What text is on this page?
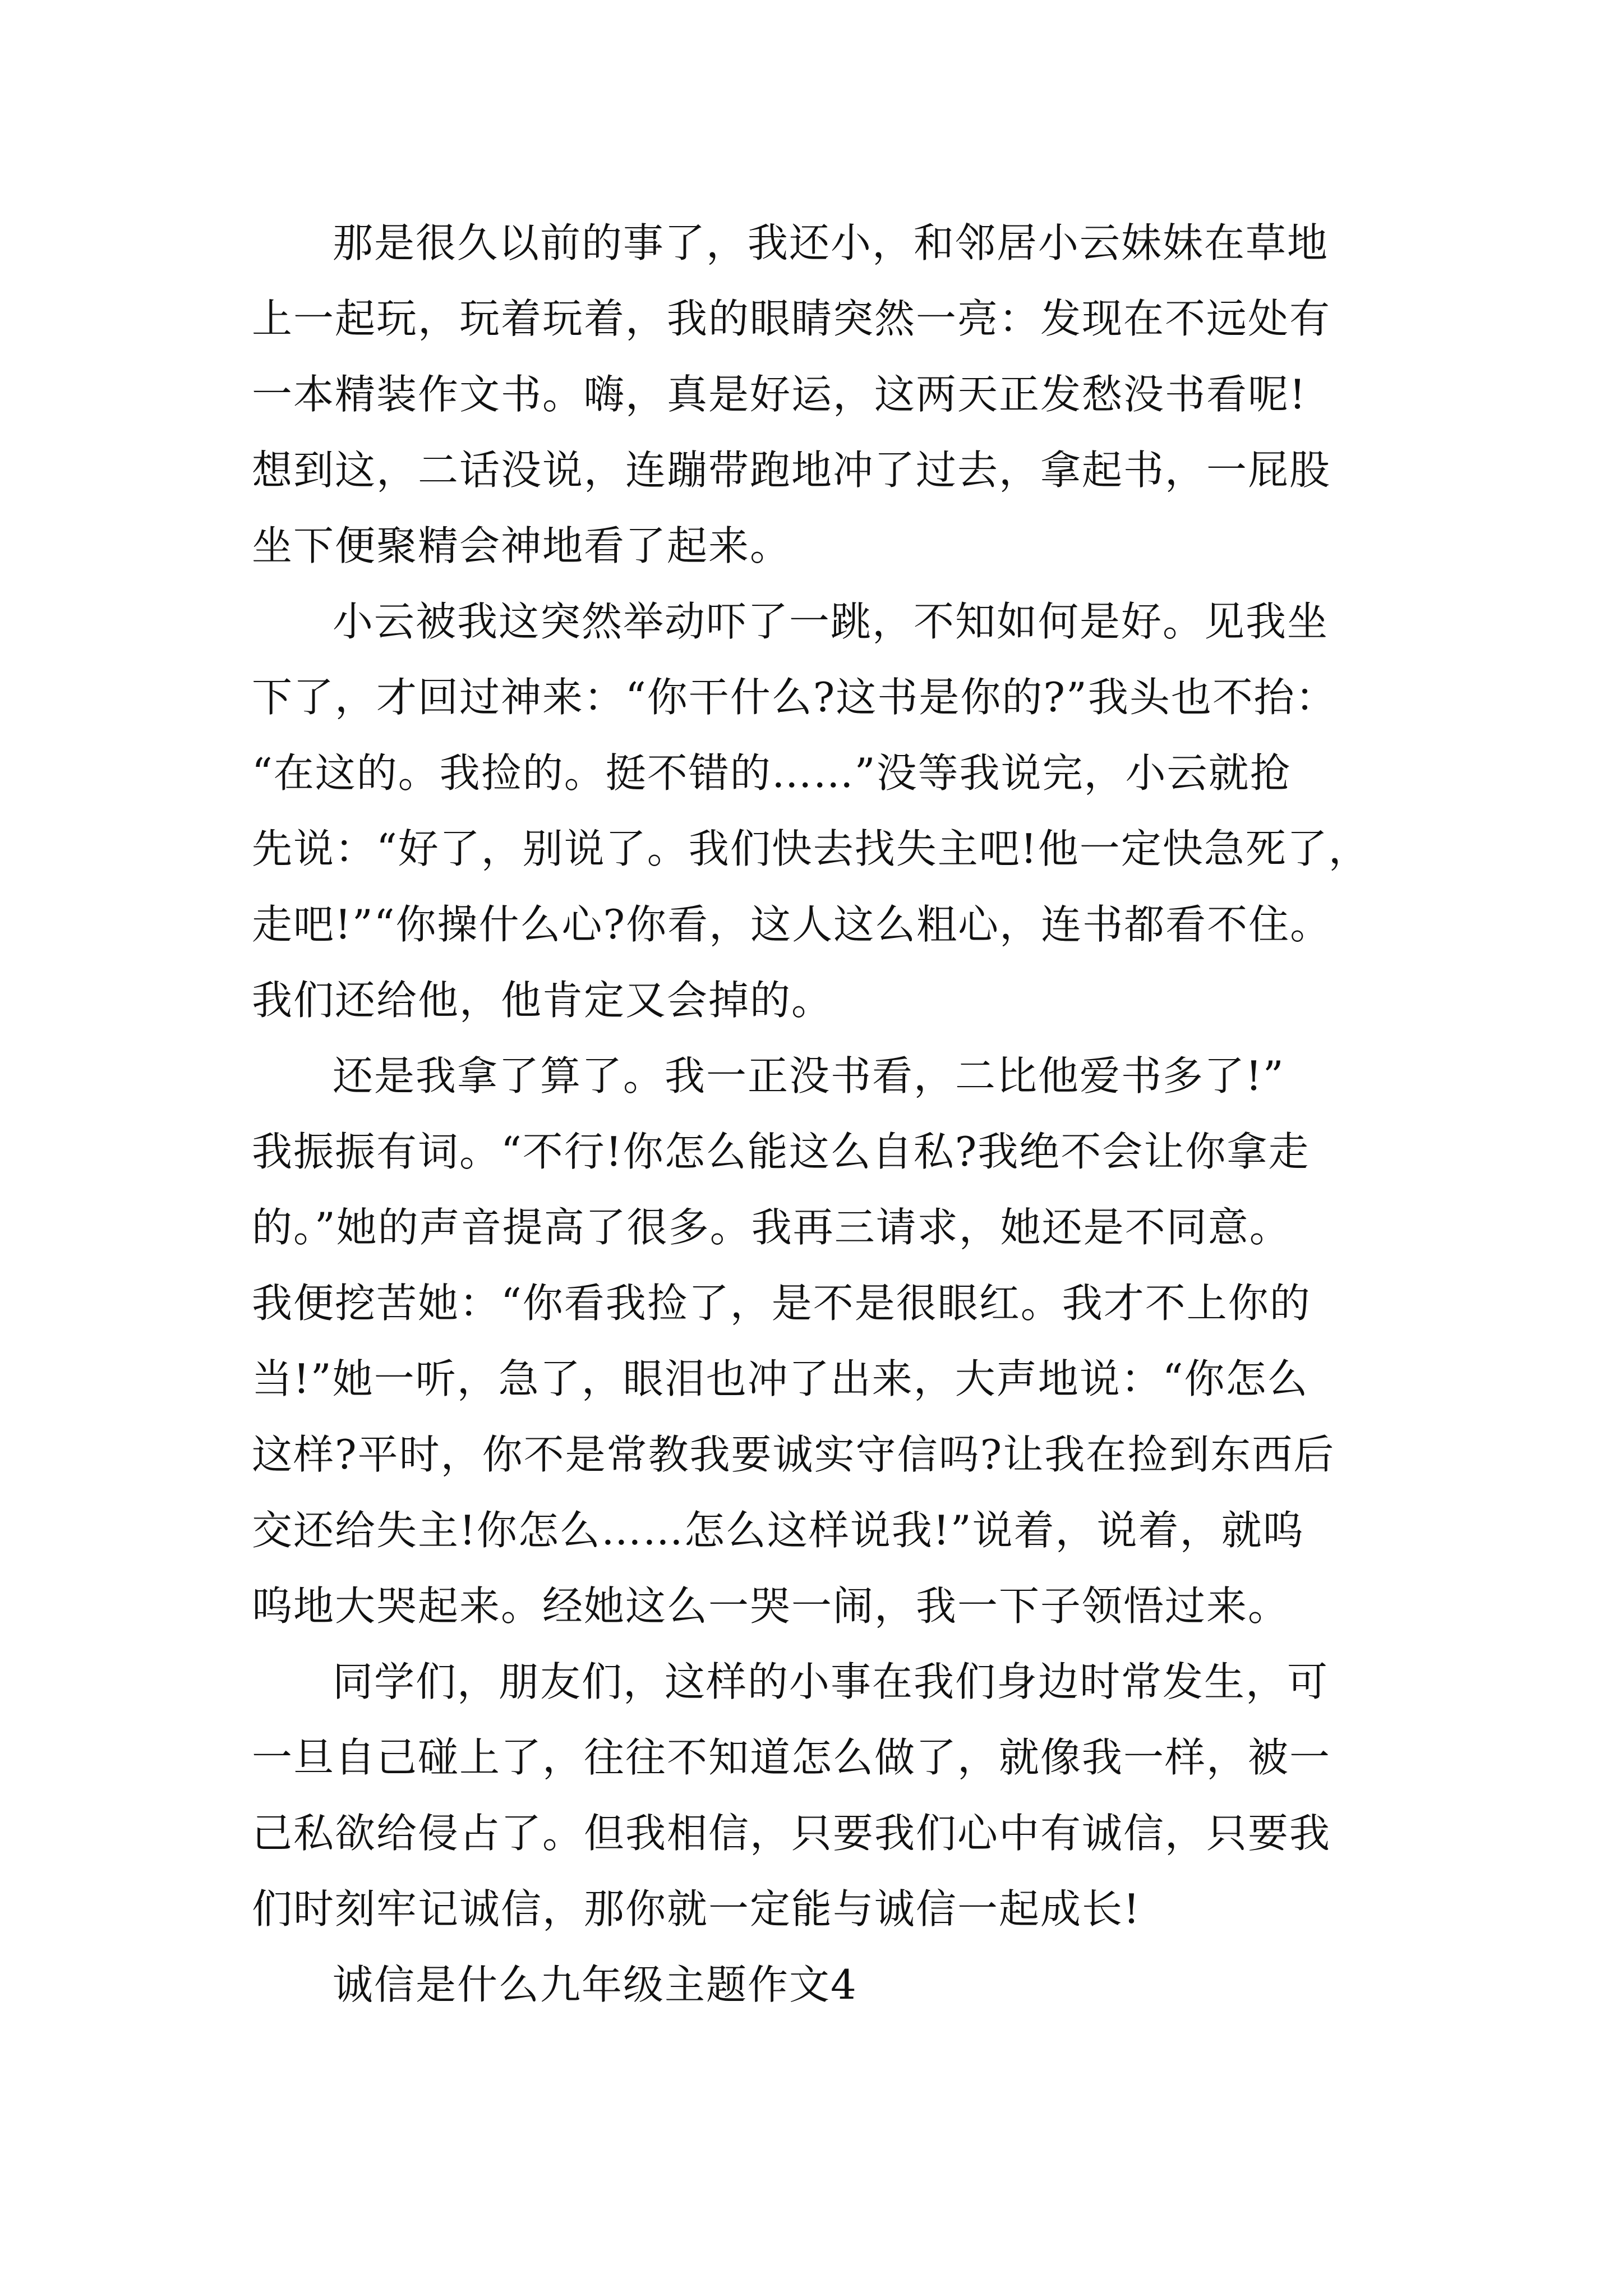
那是很久以前的事了，我还小，和邻居小云妹妹在草地
上一起玩，玩着玩着，我的眼睛突然一亮：发现在不远处有
一本精装作文书。嗨，真是好运，这两天正发愁没书看呢!
想到这，二话没说，连蹦带跑地冲了过去，拿起书，一屁股
坐下便聚精会神地看了起来。
小云被我这突然举动吓了一跳，不知如何是好。见我坐
下了，才回过神来：“你干什么?这书是你的?”我头也不抬：
“在这的。我捡的。挺不错的……”没等我说完，小云就抢
先说：“好了，别说了。我们快去找失主吧!他一定快急死了，
走吧!”“你操什么心?你看，这人这么粗心，连书都看不住。
我们还给他，他肯定又会掉的。
还是我拿了算了。我一正没书看，二比他爱书多了!”
我振振有词。“不行!你怎么能这么自私?我绝不会让你拿走
的。”她的声音提高了很多。我再三请求，她还是不同意。
我便挖苦她：“你看我捡了，是不是很眼红。我才不上你的
当!”她一听，急了，眼泪也冲了出来，大声地说：“你怎么
这样?平时，你不是常教我要诚实守信吗?让我在捡到东西后
交还给失主!你怎么……怎么这样说我!”说着，说着，就呜
呜地大哭起来。经她这么一哭一闹，我一下子领悟过来。
同学们，朋友们，这样的小事在我们身边时常发生，可
一旦自己碰上了，往往不知道怎么做了，就像我一样，被一
己私欲给侵占了。但我相信，只要我们心中有诚信，只要我
们时刻牢记诚信，那你就一定能与诚信一起成长!
诚信是什么九年级主题作文4
